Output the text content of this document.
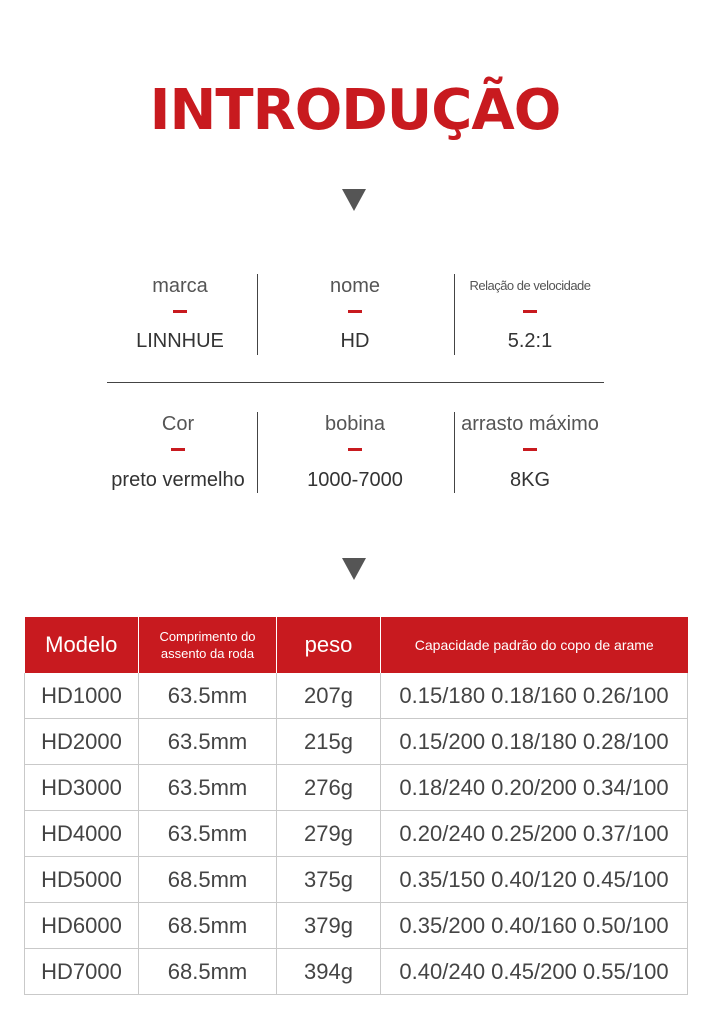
INTRODUÇÃO
marca
LINNHUE
nome
HD
Relação de velocidade
5.2:1
Cor
preto vermelho
bobina
1000-7000
arrasto máximo
8KG
Modelo	Comprimento do assento da roda	peso	Capacidade padrão do copo de arame
HD1000	63.5mm	207g	0.15/180 0.18/160 0.26/100
HD2000	63.5mm	215g	0.15/200 0.18/180 0.28/100
HD3000	63.5mm	276g	0.18/240 0.20/200 0.34/100
HD4000	63.5mm	279g	0.20/240 0.25/200 0.37/100
HD5000	68.5mm	375g	0.35/150 0.40/120 0.45/100
HD6000	68.5mm	379g	0.35/200 0.40/160 0.50/100
HD7000	68.5mm	394g	0.40/240 0.45/200 0.55/100
